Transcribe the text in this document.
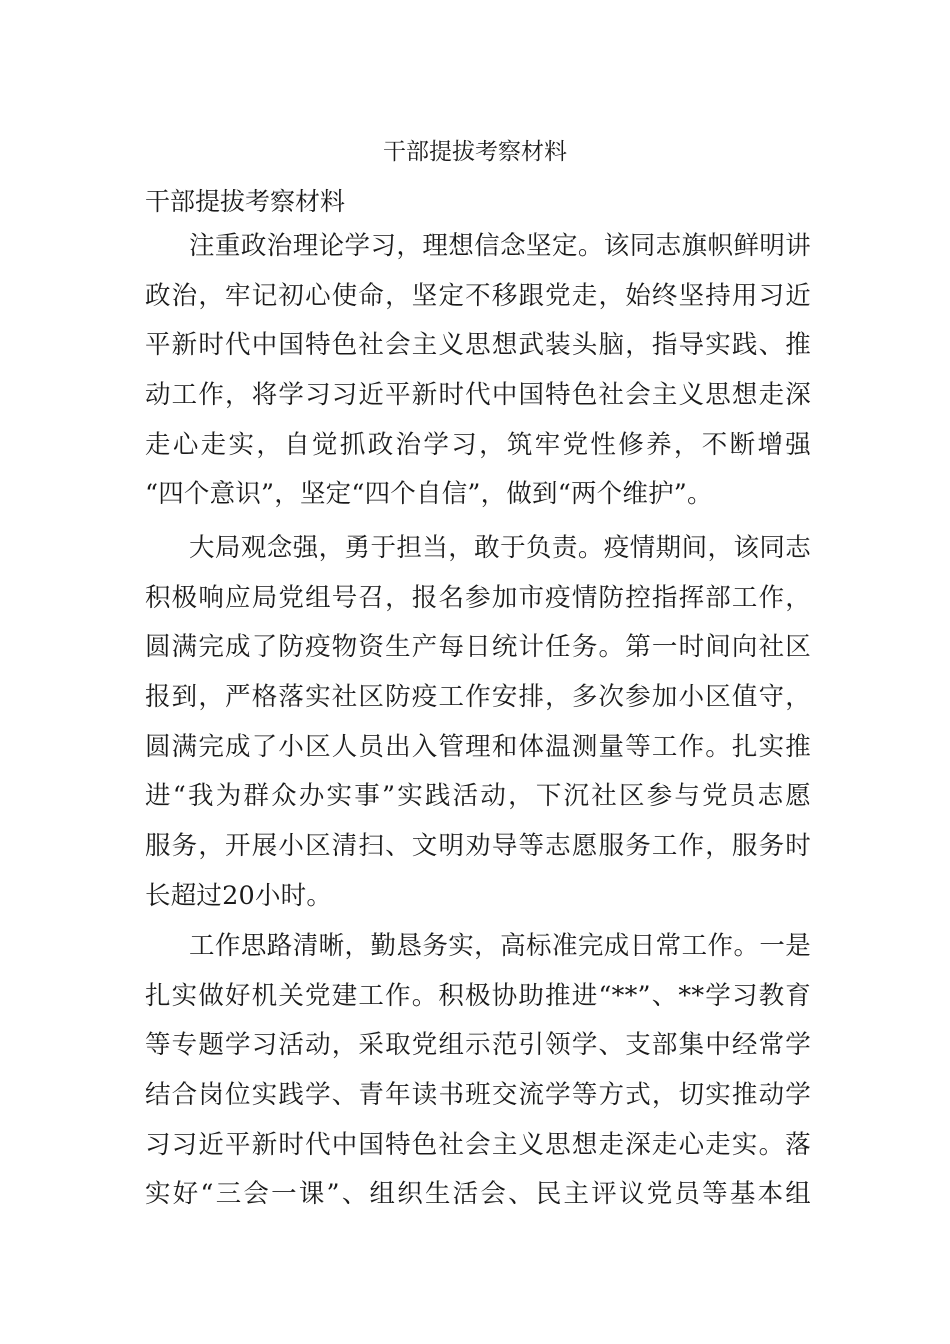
干部提拔考察材料

干部提拔考察材料

注重政治理论学习，理想信念坚定。该同志旗帜鲜明讲
政治，牢记初心使命，坚定不移跟党走，始终坚持用习近
平新时代中国特色社会主义思想武装头脑，指导实践、推
动工作，将学习习近平新时代中国特色社会主义思想走深
走心走实，自觉抓政治学习，筑牢党性修养，不断增强
“四个意识”，坚定“四个自信”，做到“两个维护”。
大局观念强，勇于担当，敢于负责。疫情期间，该同志
积极响应局党组号召，报名参加市疫情防控指挥部工作，
圆满完成了防疫物资生产每日统计任务。第一时间向社区
报到，严格落实社区防疫工作安排，多次参加小区值守，
圆满完成了小区人员出入管理和体温测量等工作。扎实推
进“我为群众办实事”实践活动，下沉社区参与党员志愿
服务，开展小区清扫、文明劝导等志愿服务工作，服务时
长超过20小时。
工作思路清晰，勤恳务实，高标准完成日常工作。一是
扎实做好机关党建工作。积极协助推进“**”、**学习教育
等专题学习活动，采取党组示范引领学、支部集中经常学
结合岗位实践学、青年读书班交流学等方式，切实推动学
习习近平新时代中国特色社会主义思想走深走心走实。落
实好“三会一课”、组织生活会、民主评议党员等基本组
